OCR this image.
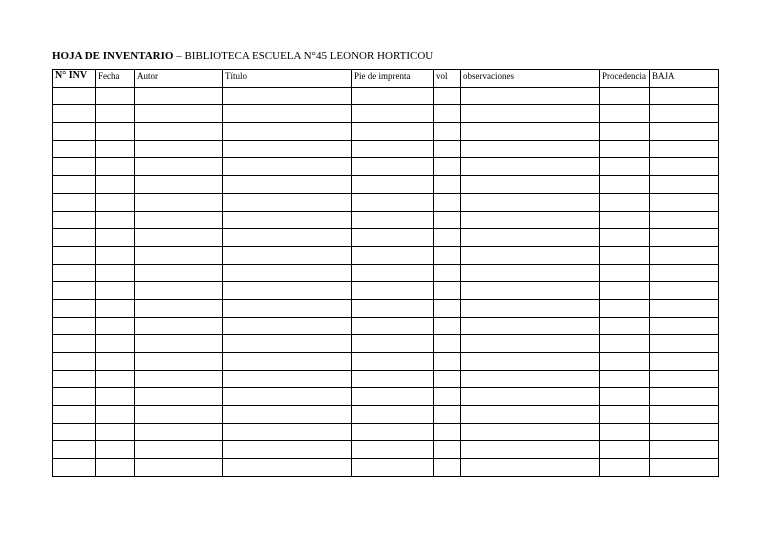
HOJA DE INVENTARIO – BIBLIOTECA ESCUELA N°45 LEONOR HORTICOU
N° INV	Fecha	Autor	Título	Pie de imprenta	vol	observaciones	Procedencia	BAJA
